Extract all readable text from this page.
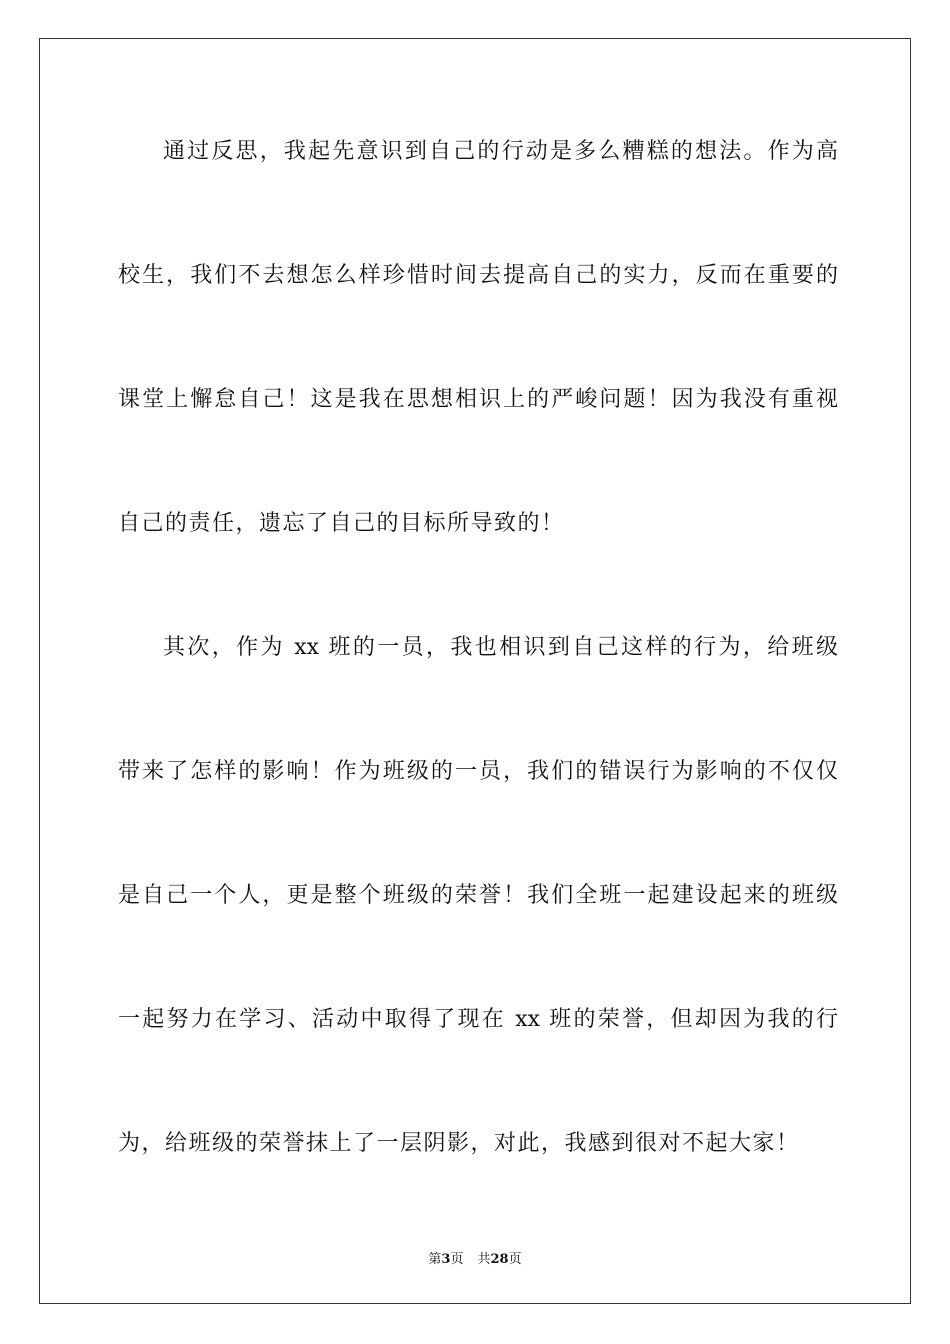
通过反思，我起先意识到自己的行动是多么糟糕的想法。作为高
校生，我们不去想怎么样珍惜时间去提高自己的实力，反而在重要的
课堂上懈怠自己！这是我在思想相识上的严峻问题！因为我没有重视
自己的责任，遗忘了自己的目标所导致的！
其次，作为 xx 班的一员，我也相识到自己这样的行为，给班级
带来了怎样的影响！作为班级的一员，我们的错误行为影响的不仅仅
是自己一个人，更是整个班级的荣誉！我们全班一起建设起来的班级
一起努力在学习、活动中取得了现在 xx 班的荣誉，但却因为我的行
为，给班级的荣誉抹上了一层阴影，对此，我感到很对不起大家！
第3页 共28页
